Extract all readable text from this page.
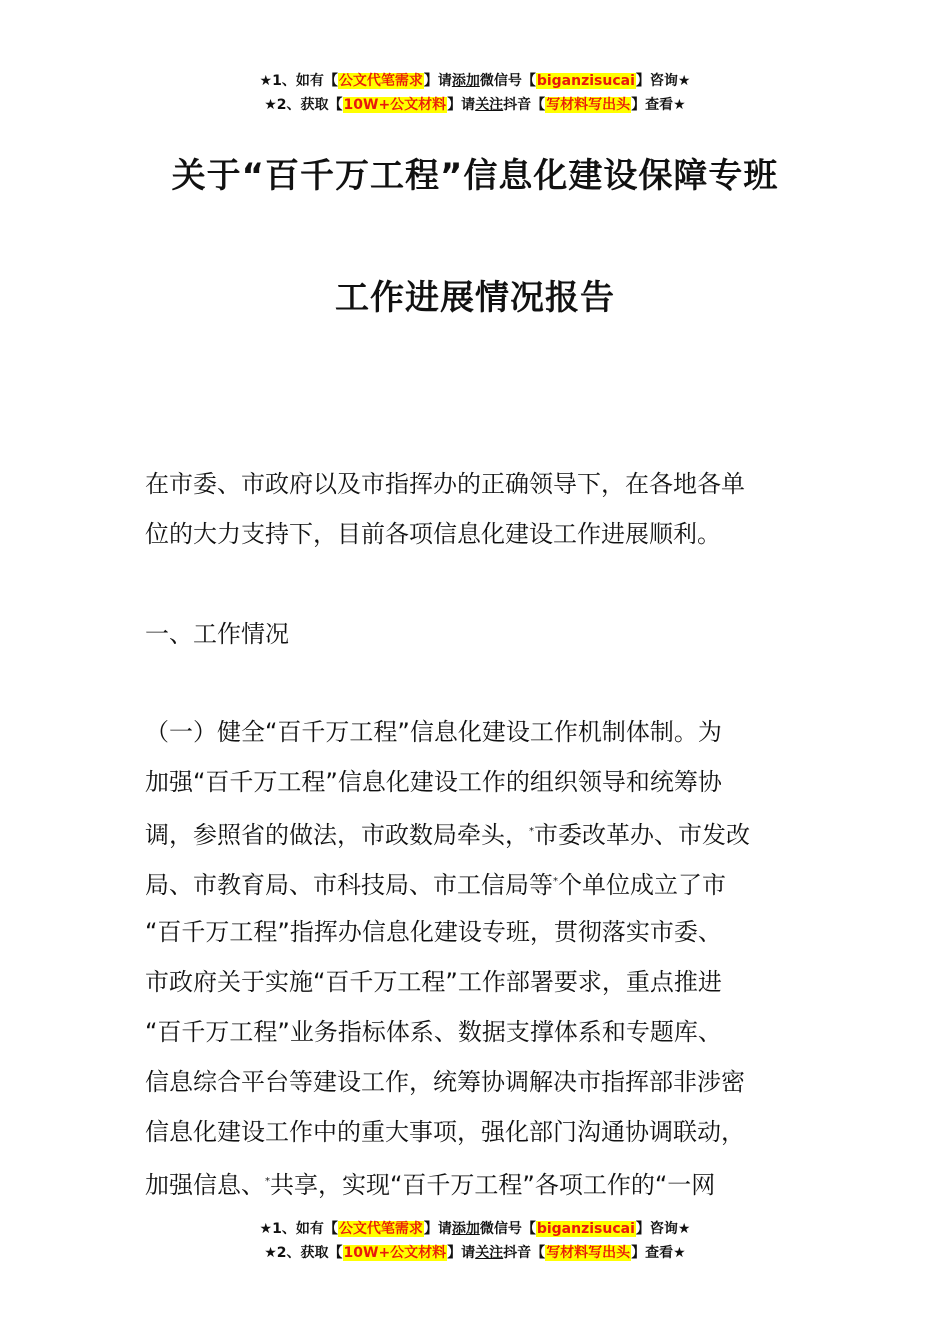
★1、如有【公文代笔需求】请添加微信号【biganzisucai】咨询★
★2、获取【10W+公文材料】请关注抖音【写材料写出头】查看★
关于“百千万工程”信息化建设保障专班
工作进展情况报告
在市委、市政府以及市指挥办的正确领导下，在各地各单
位的大力支持下，目前各项信息化建设工作进展顺利。
一、工作情况
（一）健全“百千万工程”信息化建设工作机制体制。为
加强“百千万工程”信息化建设工作的组织领导和统筹协
调，参照省的做法，市政数局牵头，*市委改革办、市发改
局、市教育局、市科技局、市工信局等*个单位成立了市
“百千万工程”指挥办信息化建设专班，贯彻落实市委、
市政府关于实施“百千万工程”工作部署要求，重点推进
“百千万工程”业务指标体系、数据支撑体系和专题库、
信息综合平台等建设工作，统筹协调解决市指挥部非涉密
信息化建设工作中的重大事项，强化部门沟通协调联动，
加强信息、*共享，实现“百千万工程”各项工作的“一网
★1、如有【公文代笔需求】请添加微信号【biganzisucai】咨询★
★2、获取【10W+公文材料】请关注抖音【写材料写出头】查看★
